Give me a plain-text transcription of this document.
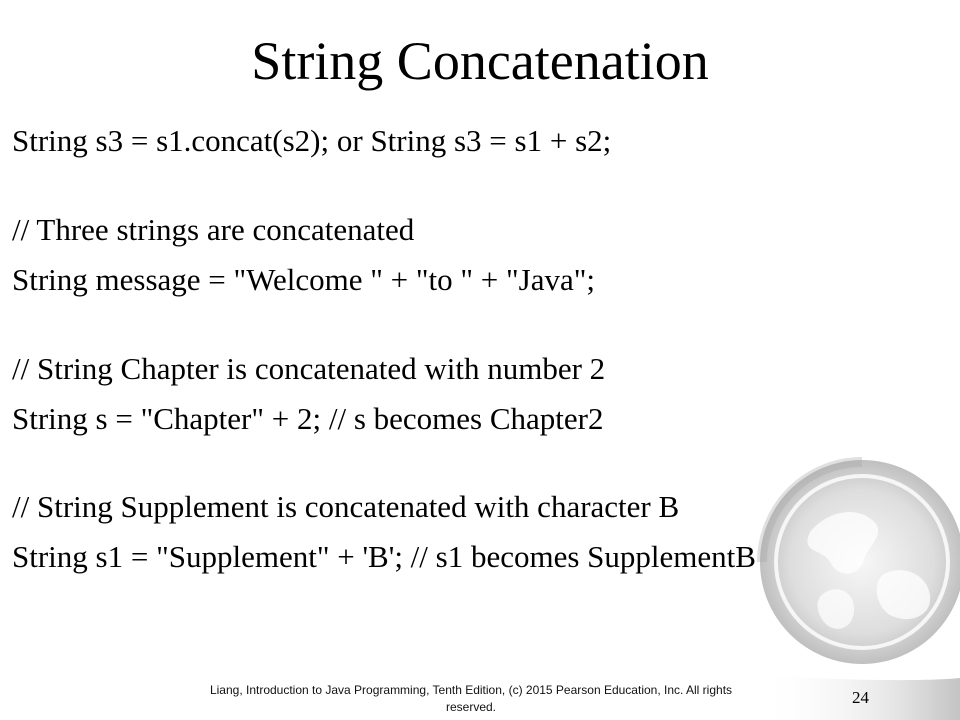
String Concatenation
String s3 = s1.concat(s2); or String s3 = s1 + s2;
// Three strings are concatenated
String message = "Welcome " + "to " + "Java";
// String Chapter is concatenated with number 2
String s = "Chapter" + 2; // s becomes Chapter2
// String Supplement is concatenated with character B
String s1 = "Supplement" + 'B'; // s1 becomes SupplementB
Liang, Introduction to Java Programming, Tenth Edition, (c) 2015 Pearson Education, Inc. All rights reserved.	24
